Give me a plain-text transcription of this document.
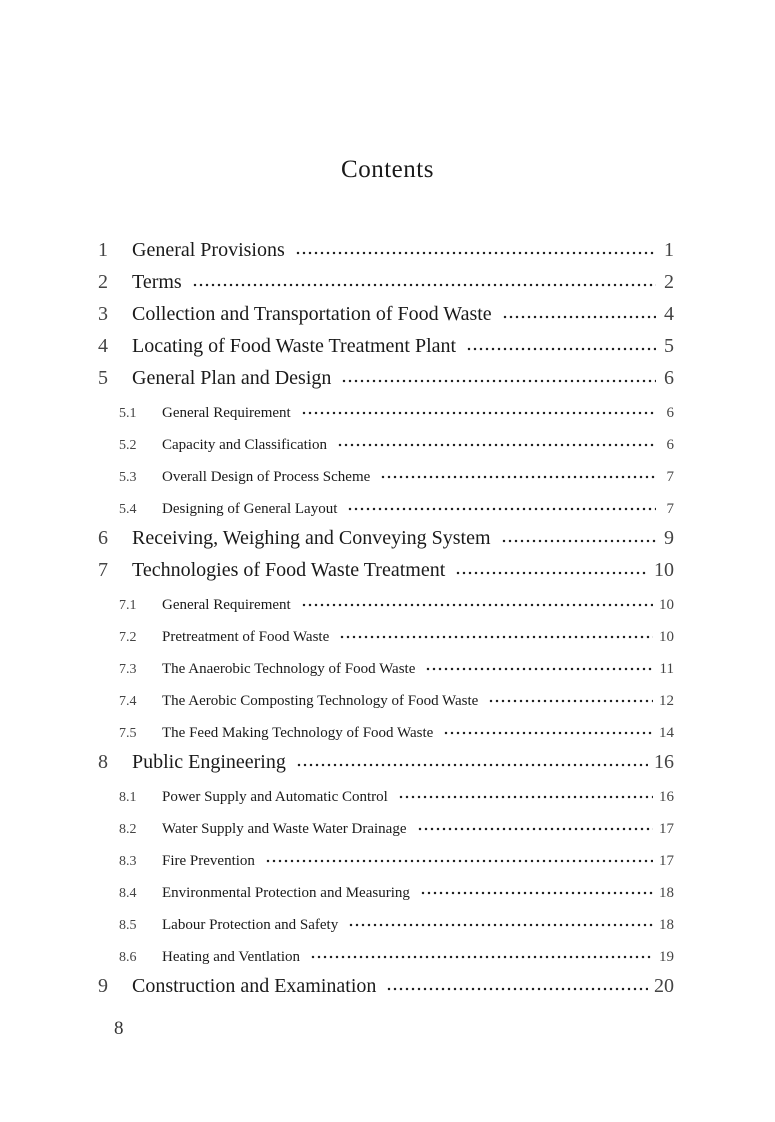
Contents
1	General Provisions	1
2	Terms	2
3	Collection and Transportation of Food Waste	4
4	Locating of Food Waste Treatment Plant	5
5	General Plan and Design	6
5.1	General Requirement	6
5.2	Capacity and Classification	6
5.3	Overall Design of Process Scheme	7
5.4	Designing of General Layout	7
6	Receiving, Weighing and Conveying System	9
7	Technologies of Food Waste Treatment	10
7.1	General Requirement	10
7.2	Pretreatment of Food Waste	10
7.3	The Anaerobic Technology of Food Waste	11
7.4	The Aerobic Composting Technology of Food Waste	12
7.5	The Feed Making Technology of Food Waste	14
8	Public Engineering	16
8.1	Power Supply and Automatic Control	16
8.2	Water Supply and Waste Water Drainage	17
8.3	Fire Prevention	17
8.4	Environmental Protection and Measuring	18
8.5	Labour Protection and Safety	18
8.6	Heating and Ventlation	19
9	Construction and Examination	20
8
